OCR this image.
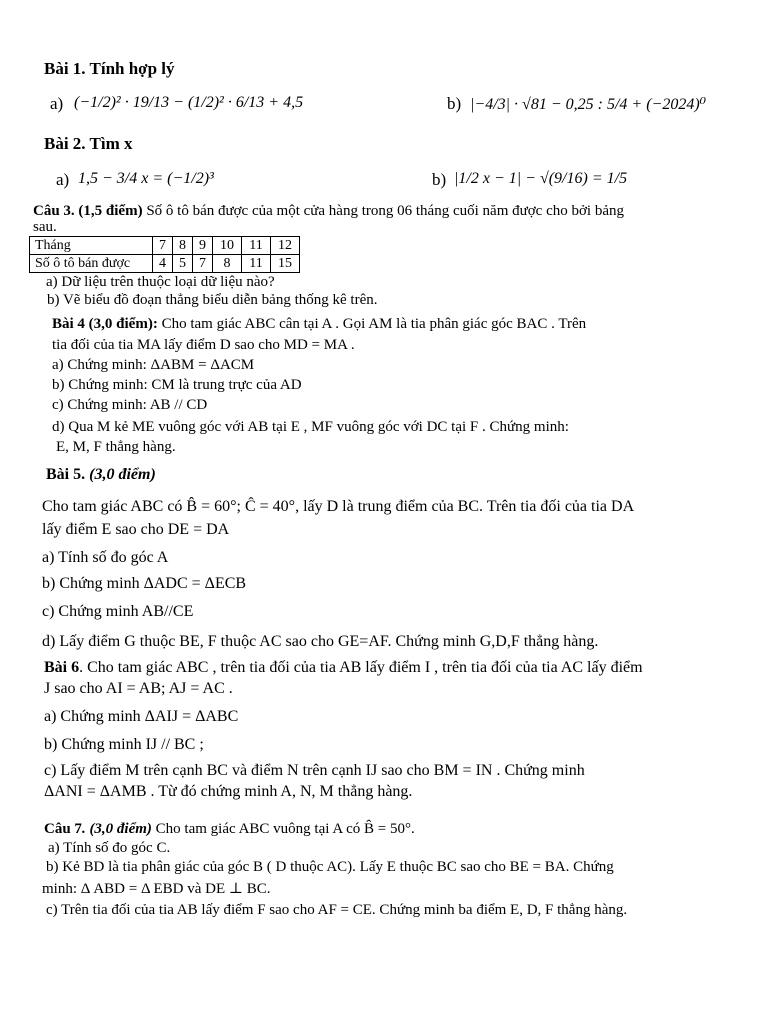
Bài 1. Tính hợp lý
a) (−1/2)² · 19/13 − (1/2)² · 6/13 + 4,5	b) |−4/3| · √81 − 0,25 : 5/4 + (−2024)⁰
Bài 2. Tìm x
a) 1,5 − 3/4 x = (−1/2)³	b) |1/2 x − 1| − √(9/16) = 1/5
Câu 3. (1,5 điểm) Số ô tô bán được của một cửa hàng trong 06 tháng cuối năm được cho bởi bảng
sau.
Tháng	7	8	9	10	11	12
Số ô tô bán được	4	5	7	8	11	15
a) Dữ liệu trên thuộc loại dữ liệu nào?
b) Vẽ biểu đồ đoạn thẳng biểu diễn bảng thống kê trên.
Bài 4 (3,0 điểm): Cho tam giác ABC cân tại A . Gọi AM là tia phân giác góc BAC . Trên
tia đối của tia MA lấy điểm D sao cho MD = MA .
a) Chứng minh: ΔABM = ΔACM
b) Chứng minh: CM là trung trực của AD
c) Chứng minh: AB // CD
d) Qua M kẻ ME vuông góc với AB tại E , MF vuông góc với DC tại F . Chứng minh:
E, M, F thẳng hàng.
Bài 5. (3,0 điểm)
Cho tam giác ABC có B̂ = 60°; Ĉ = 40°, lấy D là trung điểm của BC. Trên tia đối của tia DA
lấy điểm E sao cho DE = DA
a) Tính số đo góc A
b) Chứng minh ΔADC = ΔECB
c) Chứng minh AB//CE
d) Lấy điểm G thuộc BE, F thuộc AC sao cho GE=AF. Chứng minh G,D,F thẳng hàng.
Bài 6. Cho tam giác ABC , trên tia đối của tia AB lấy điểm I , trên tia đối của tia AC lấy điểm
J sao cho AI = AB; AJ = AC .
a) Chứng minh ΔAIJ = ΔABC
b) Chứng minh IJ // BC ;
c) Lấy điểm M trên cạnh BC và điểm N trên cạnh IJ sao cho BM = IN . Chứng minh
ΔANI = ΔAMB . Từ đó chứng minh A, N, M thẳng hàng.
Câu 7. (3,0 điểm) Cho tam giác ABC vuông tại A có B̂ = 50°.
a) Tính số đo góc C.
b) Kẻ BD là tia phân giác của góc B ( D thuộc AC). Lấy E thuộc BC sao cho BE = BA. Chứng
minh: Δ ABD = Δ EBD và DE ⊥ BC.
c) Trên tia đối của tia AB lấy điểm F sao cho AF = CE. Chứng minh ba điểm E, D, F thẳng hàng.
